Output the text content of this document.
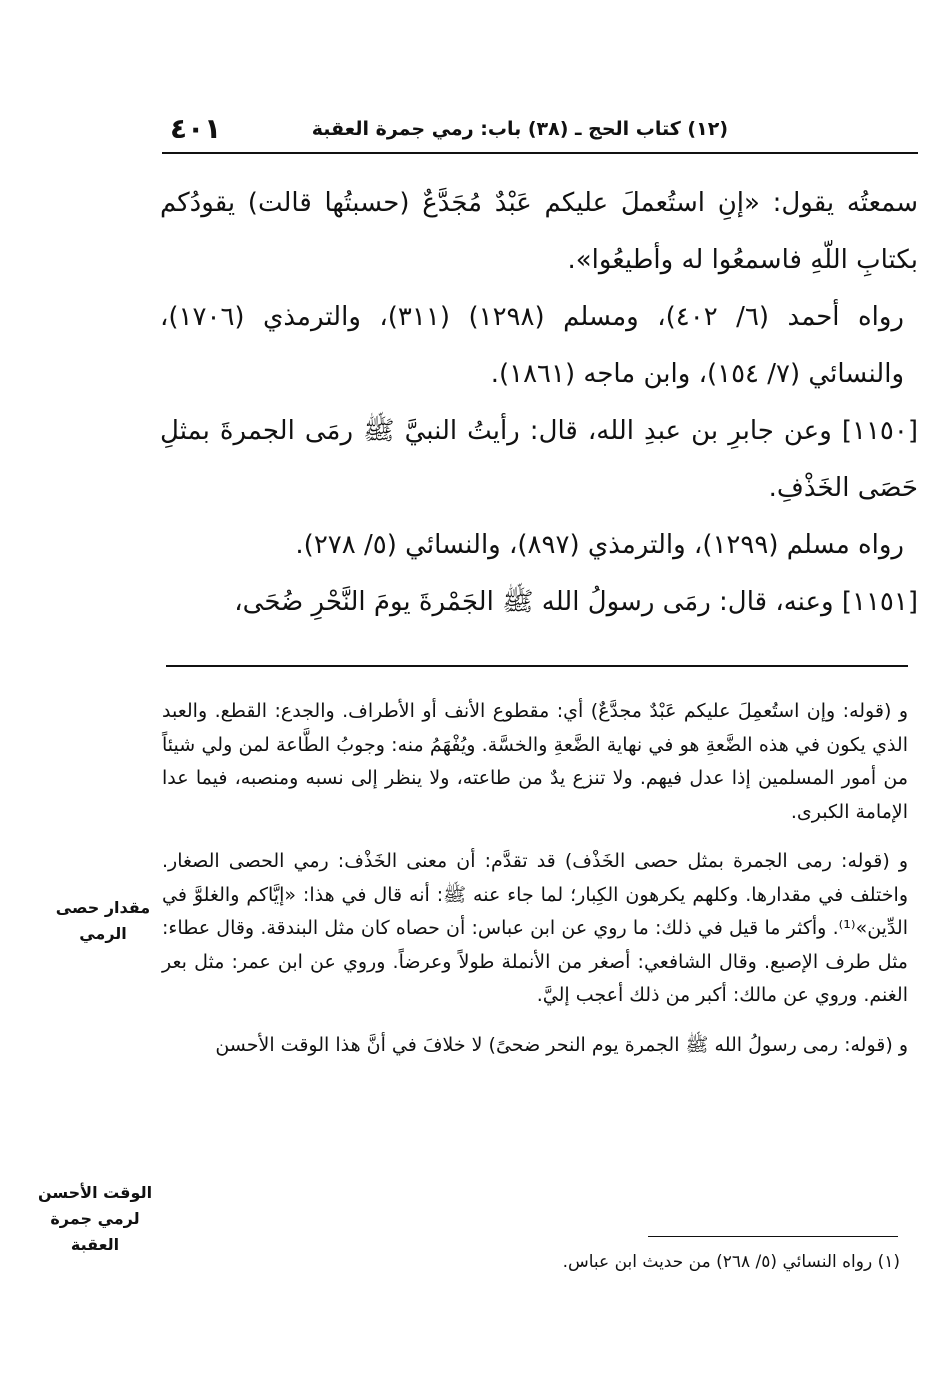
٤٠١	(١٢) كتاب الحج ـ (٣٨) باب: رمي جمرة العقبة

سمعتُه يقول: «إنِ استُعملَ عليكم عَبْدٌ مُجَدَّعٌ (حسبتُها قالت) يقودُكم بكتابِ اللّهِ فاسمعُوا له وأطيعُوا».

رواه أحمد (٦/ ٤٠٢)، ومسلم (١٢٩٨) (٣١١)، والترمذي (١٧٠٦)، والنسائي (٧/ ١٥٤)، وابن ماجه (١٨٦١).

[١١٥٠] وعن جابرِ بن عبدِ الله، قال: رأيتُ النبيَّ ﷺ رمَى الجمرةَ بمثلِ حَصَى الخَذْفِ.

رواه مسلم (١٢٩٩)، والترمذي (٨٩٧)، والنسائي (٥/ ٢٧٨).

[١١٥١] وعنه، قال: رمَى رسولُ الله ﷺ الجَمْرةَ يومَ النَّحْرِ ضُحَى،

و (قوله: وإن استُعمِلَ عليكم عَبْدٌ مجدَّعٌ) أي: مقطوع الأنف أو الأطراف. والجدع: القطع. والعبد الذي يكون في هذه الضَّعةِ هو في نهاية الضَّعةِ والخسَّة. ويُفْهَمُ منه: وجوبُ الطَّاعة لمن ولي شيئاً من أمور المسلمين إذا عدل فيهم. ولا تنزع يدٌ من طاعته، ولا ينظر إلى نسبه ومنصبه، فيما عدا الإمامة الكبرى.

و (قوله: رمى الجمرة بمثل حصى الخَذْف) قد تقدَّم: أن معنى الخَذْف: رمي الحصى الصغار. واختلف في مقدارها. وكلهم يكرهون الكِبار؛ لما جاء عنه ﷺ: أنه قال في هذا: «إيَّاكم والغلوَّ في الدِّين»⁽¹⁾. وأكثر ما قيل في ذلك: ما روي عن ابن عباس: أن حصاه كان مثل البندقة. وقال عطاء: مثل طرف الإصبع. وقال الشافعي: أصغر من الأنملة طولاً وعرضاً. وروي عن ابن عمر: مثل بعر الغنم. وروي عن مالك: أكبر من ذلك أعجب إليَّ.

و (قوله: رمى رسولُ الله ﷺ الجمرة يوم النحر ضحىً) لا خلافَ في أنَّ هذا الوقت الأحسن

مقدار حصى الرمي
الوقت الأحسن لرمي جمرة العقبة
(١) رواه النسائي (٥/ ٢٦٨) من حديث ابن عباس.
